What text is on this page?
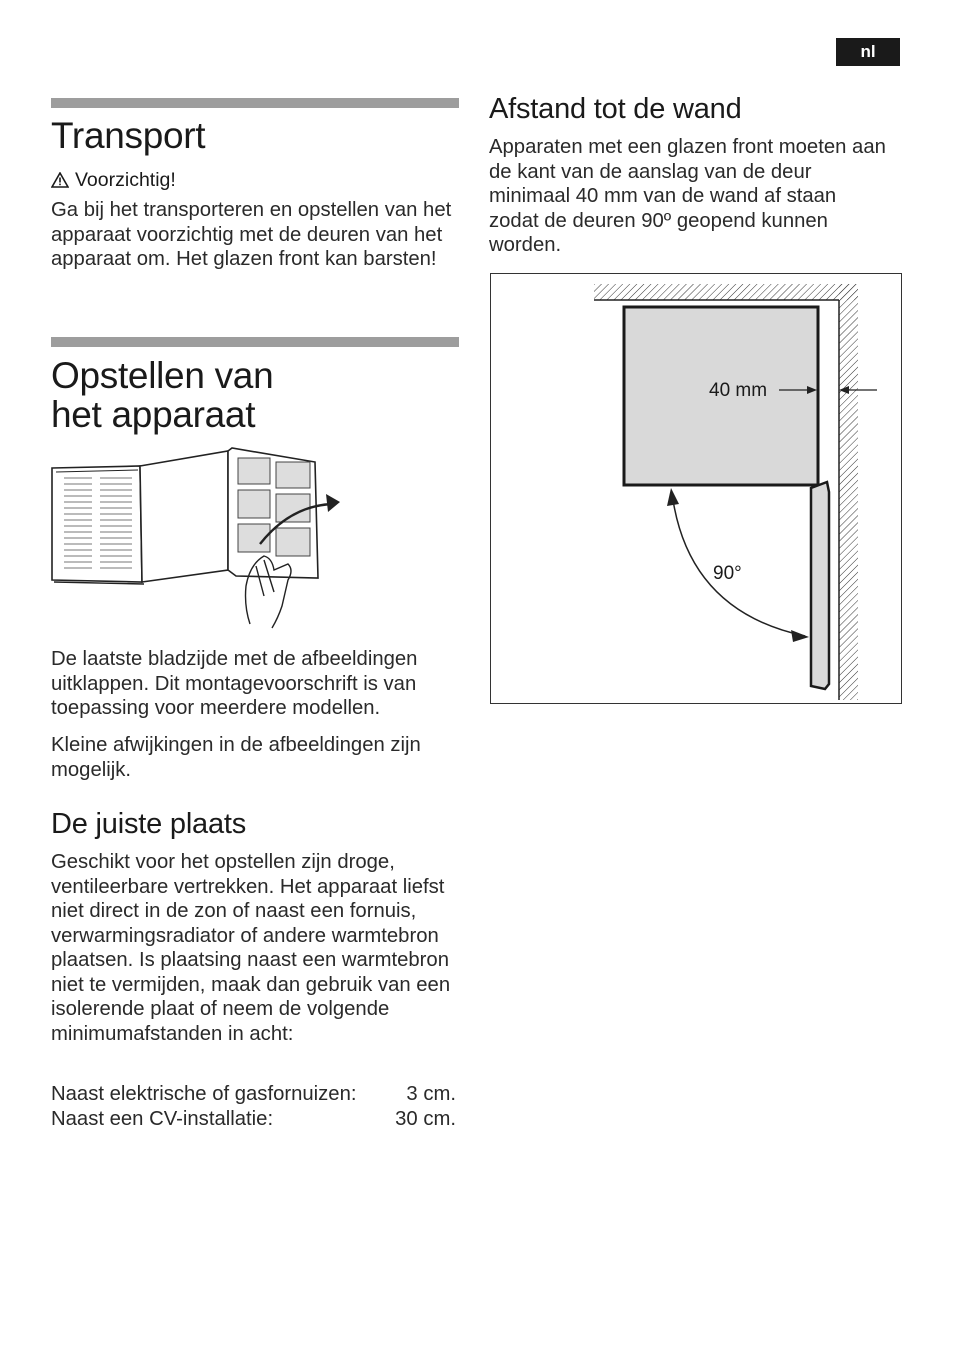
nl
Transport
Voorzichtig!

Ga bij het transporteren en opstellen van het apparaat voorzichtig met de deuren van het apparaat om. Het glazen front kan barsten!

Opstellen van
het apparaat

De laatste bladzijde met de afbeeldingen uitklappen. Dit montagevoorschrift is van toepassing voor meerdere modellen.

Kleine afwijkingen in de afbeeldingen zijn mogelijk.

De juiste plaats

Geschikt voor het opstellen zijn droge, ventileerbare vertrekken. Het apparaat liefst niet direct in de zon of naast een fornuis, verwarmingsradiator of andere warmtebron plaatsen. Is plaatsing naast een warmtebron niet te vermijden, maak dan gebruik van een isolerende plaat of neem de volgende minimumafstanden in acht:

Naast elektrische of gasfornuizen: 3 cm.
Naast een CV-installatie:	30 cm.
Afstand tot de wand

Apparaten met een glazen front moeten aan de kant van de aanslag van de deur minimaal 40 mm van de wand af staan zodat de deuren 90º geopend kunnen worden.

40 mm
90°
